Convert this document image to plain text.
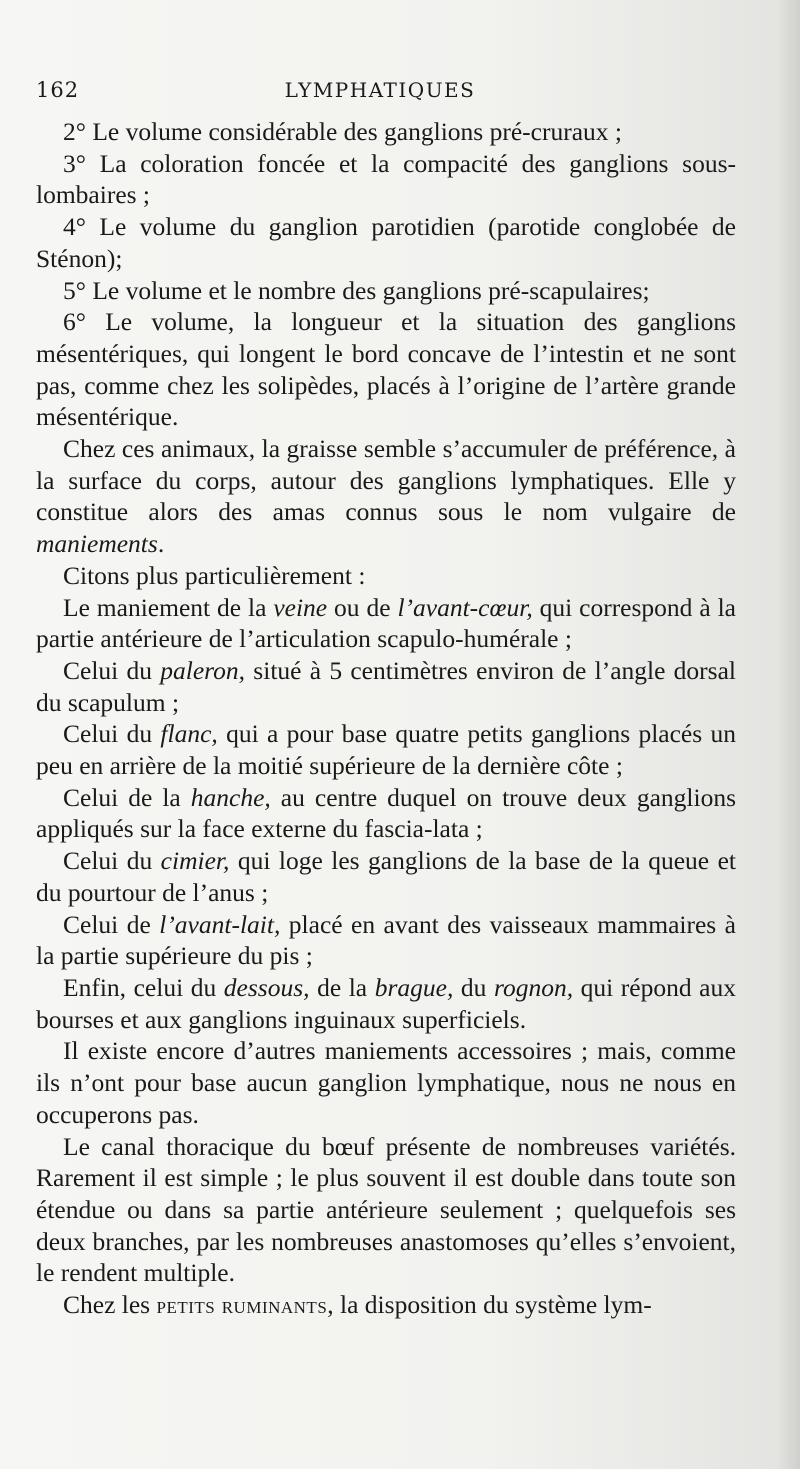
162	LYMPHATIQUES

2° Le volume considérable des ganglions pré-cruraux ;

3° La coloration foncée et la compacité des ganglions sous-lombaires ;

4° Le volume du ganglion parotidien (parotide conglobée de Sténon);

5° Le volume et le nombre des ganglions pré-scapulaires;

6° Le volume, la longueur et la situation des ganglions mésentériques, qui longent le bord concave de l’intestin et ne sont pas, comme chez les solipèdes, placés à l’origine de l’artère grande mésentérique.

Chez ces animaux, la graisse semble s’accumuler de préférence, à la surface du corps, autour des ganglions lymphatiques. Elle y constitue alors des amas connus sous le nom vulgaire de maniements.

Citons plus particulièrement :

Le maniement de la veine ou de l’avant-cœur, qui correspond à la partie antérieure de l’articulation scapulo-humérale ;

Celui du paleron, situé à 5 centimètres environ de l’angle dorsal du scapulum ;

Celui du flanc, qui a pour base quatre petits ganglions placés un peu en arrière de la moitié supérieure de la dernière côte ;

Celui de la hanche, au centre duquel on trouve deux ganglions appliqués sur la face externe du fascia-lata ;

Celui du cimier, qui loge les ganglions de la base de la queue et du pourtour de l’anus ;

Celui de l’avant-lait, placé en avant des vaisseaux mammaires à la partie supérieure du pis ;

Enfin, celui du dessous, de la brague, du rognon, qui répond aux bourses et aux ganglions inguinaux superficiels.

Il existe encore d’autres maniements accessoires ; mais, comme ils n’ont pour base aucun ganglion lymphatique, nous ne nous en occuperons pas.

Le canal thoracique du bœuf présente de nombreuses variétés. Rarement il est simple ; le plus souvent il est double dans toute son étendue ou dans sa partie antérieure seulement ; quelquefois ses deux branches, par les nombreuses anastomoses qu’elles s’envoient, le rendent multiple.

Chez les petits ruminants, la disposition du système lym-
